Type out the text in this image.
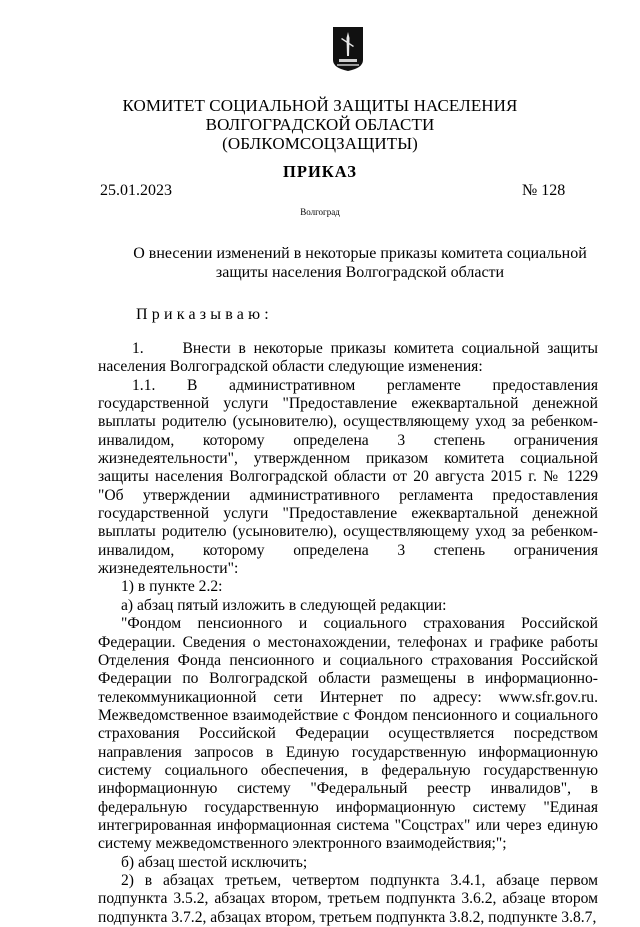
КОМИТЕТ СОЦИАЛЬНОЙ ЗАЩИТЫ НАСЕЛЕНИЯ
ВОЛГОГРАДСКОЙ ОБЛАСТИ
(ОБЛКОМСОЦЗАЩИТЫ)
ПРИКАЗ
25.01.2023	№ 128
Волгоград
О внесении изменений в некоторые приказы комитета социальной защиты населения Волгоградской области
Приказываю:

1.     Внести в некоторые приказы комитета социальной защиты населения Волгоградской области следующие изменения:

1.1. В административном регламенте предоставления государственной услуги "Предоставление ежеквартальной денежной выплаты родителю (усыновителю), осуществляющему уход за ребенком-инвалидом, которому определена 3 степень ограничения жизнедеятельности", утвержденном приказом комитета социальной защиты населения Волгоградской области от 20 августа 2015 г. № 1229 "Об утверждении административного регламента предоставления государственной услуги "Предоставление ежеквартальной денежной выплаты родителю (усыновителю), осуществляющему уход за ребенком-инвалидом, которому определена 3 степень ограничения жизнедеятельности":

1) в пункте 2.2:

а) абзац пятый изложить в следующей редакции:

"Фондом пенсионного и социального страхования Российской Федерации. Сведения о местонахождении, телефонах и графике работы Отделения Фонда пенсионного и социального страхования Российской Федерации по Волгоградской области размещены в информационно-телекоммуникационной сети Интернет по адресу: www.sfr.gov.ru. Межведомственное взаимодействие с Фондом пенсионного и социального страхования Российской Федерации осуществляется посредством направления запросов в Единую государственную информационную систему социального обеспечения, в федеральную государственную информационную систему "Федеральный реестр инвалидов", в федеральную государственную информационную систему "Единая интегрированная информационная система "Соцстрах" или через единую систему межведомственного электронного взаимодействия;";

б) абзац шестой исключить;

2) в абзацах третьем, четвертом подпункта 3.4.1, абзаце первом подпункта 3.5.2, абзацах втором, третьем подпункта 3.6.2, абзаце втором подпункта 3.7.2, абзацах втором, третьем подпункта 3.8.2, подпункте 3.8.7,
